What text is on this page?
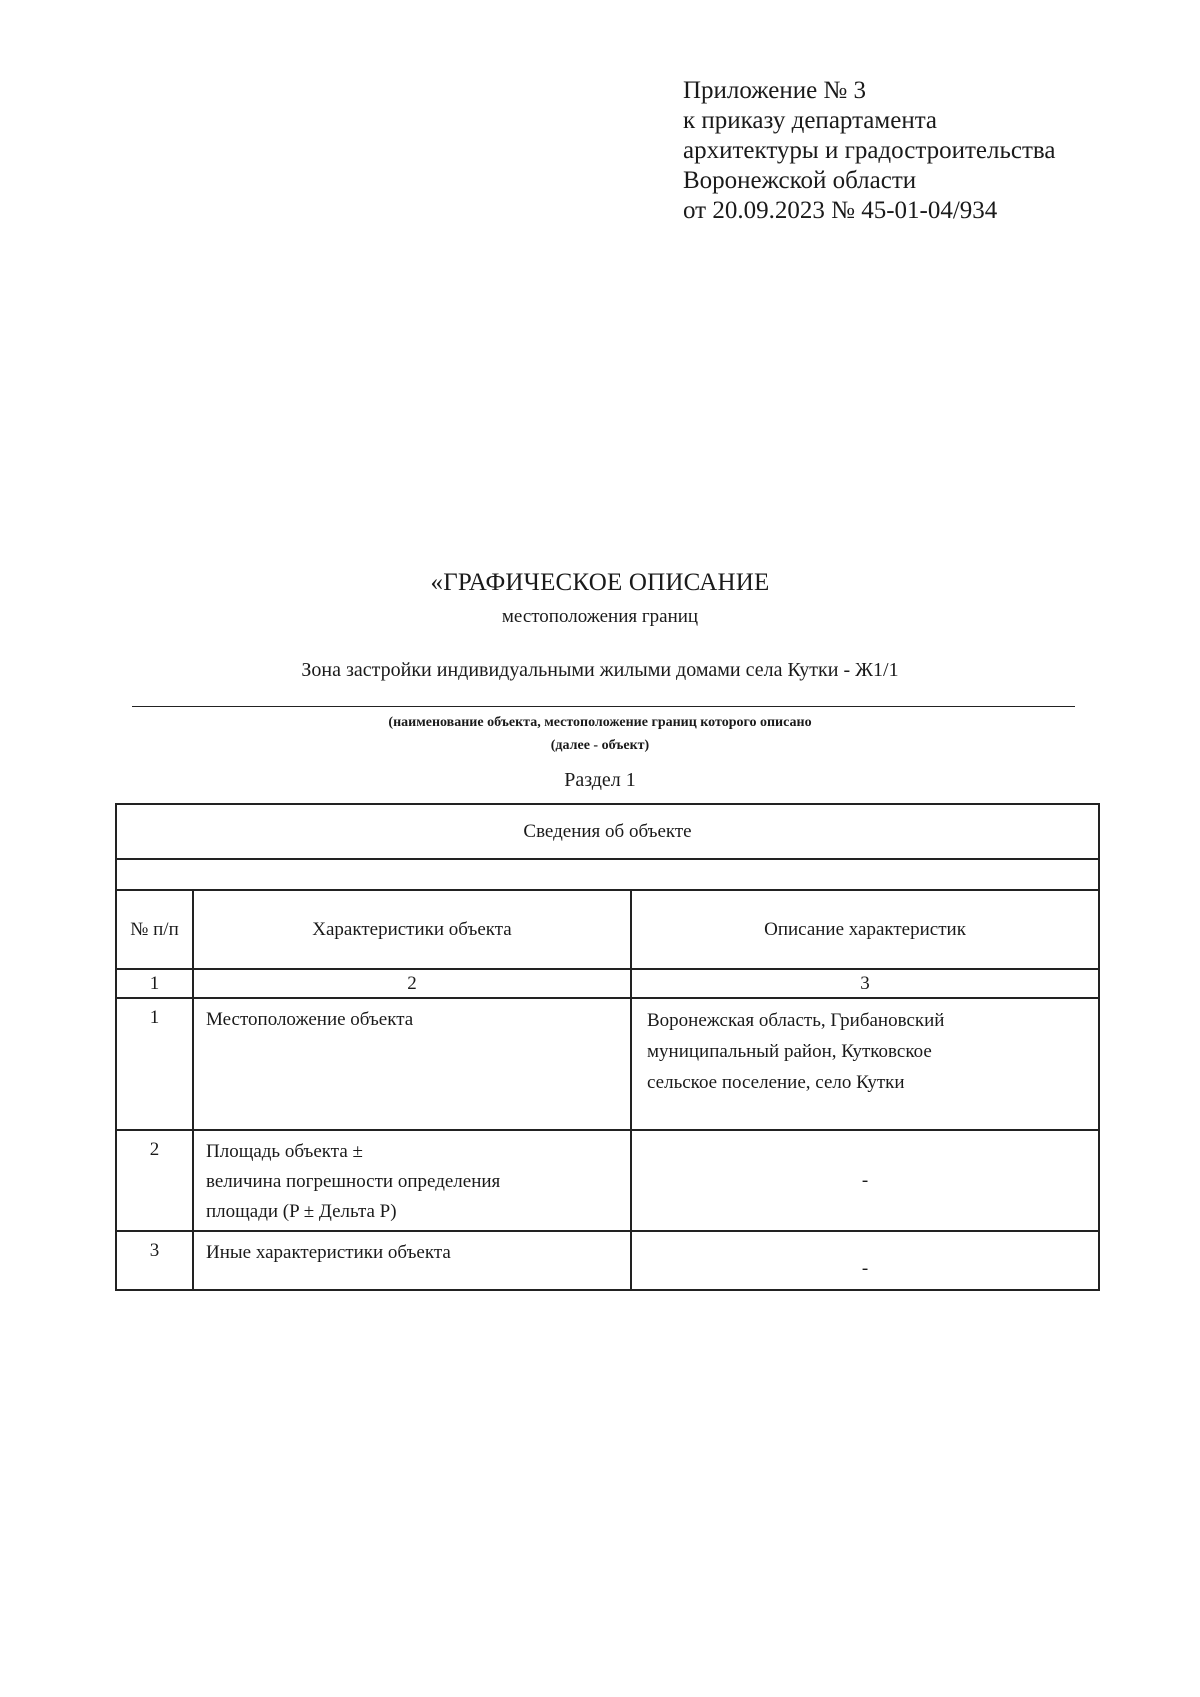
Приложение № 3
к приказу департамента
архитектуры и градостроительства
Воронежской области
от 20.09.2023 № 45-01-04/934
«ГРАФИЧЕСКОЕ ОПИСАНИЕ
местоположения границ
Зона застройки индивидуальными жилыми домами села Кутки - Ж1/1
(наименование объекта, местоположение границ которого описано
(далее - объект)
Раздел 1
Сведения об объекте		

№ п/п	Характеристики объекта	Описание характеристик
1	2	3
1	Местоположение объекта	Воронежская область, Грибановский
муниципальный район, Кутковское
сельское поселение, село Кутки

2	Площадь объекта ±
величина погрешности определения
площади (P ± Дельта P)	-
3	Иные характеристики объекта	-
